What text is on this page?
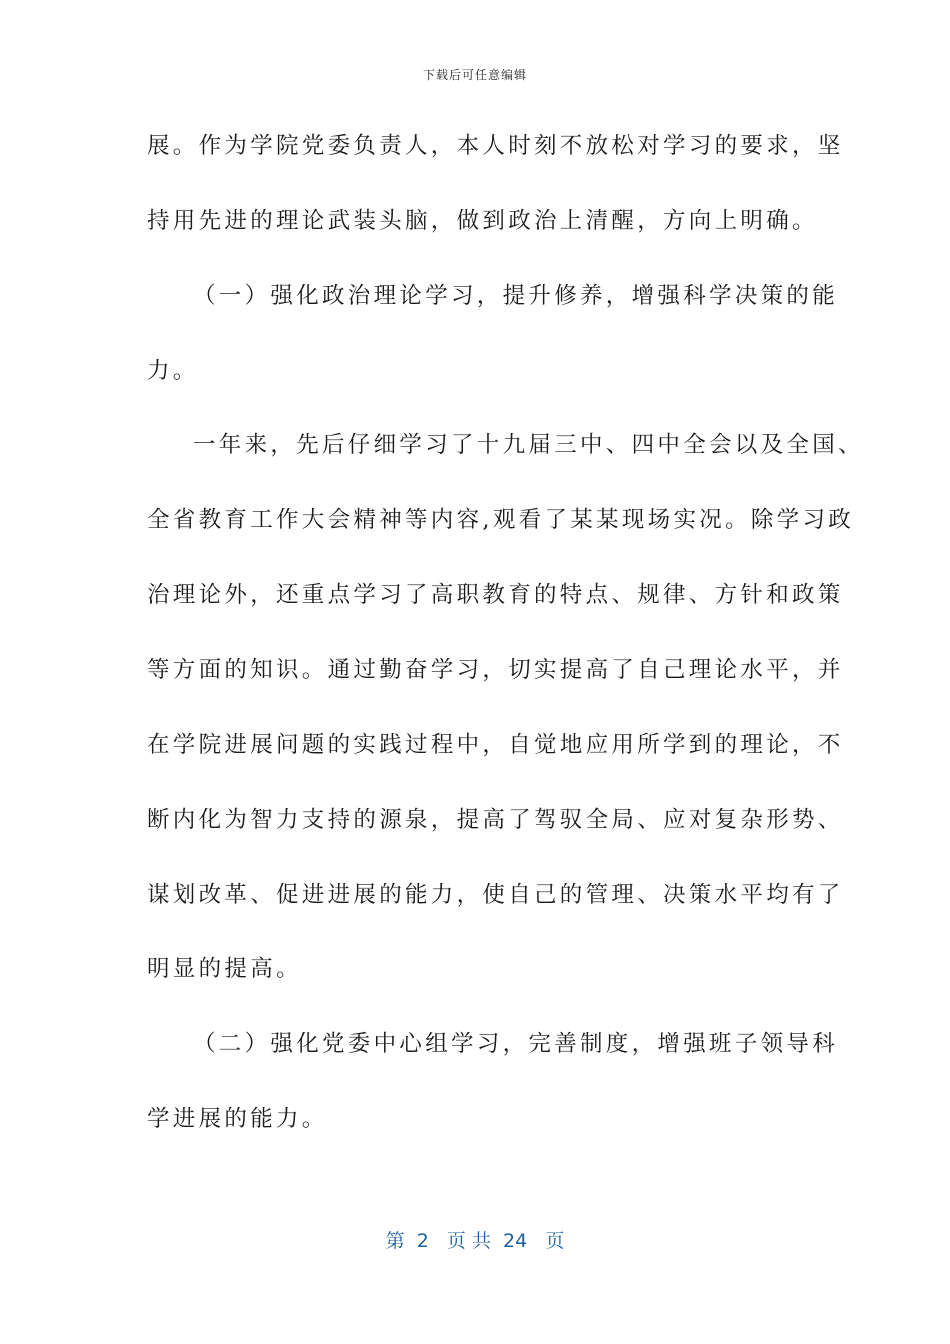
下载后可任意编辑
展。作为学院党委负责人，本人时刻不放松对学习的要求，坚
持用先进的理论武装头脑，做到政治上清醒，方向上明确。
（一）强化政治理论学习，提升修养，增强科学决策的能
力。
一年来，先后仔细学习了十九届三中、四中全会以及全国、
全省教育工作大会精神等内容,观看了某某现场实况。除学习政
治理论外，还重点学习了高职教育的特点、规律、方针和政策
等方面的知识。通过勤奋学习，切实提高了自己理论水平，并
在学院进展问题的实践过程中，自觉地应用所学到的理论，不
断内化为智力支持的源泉，提高了驾驭全局、应对复杂形势、
谋划改革、促进进展的能力，使自己的管理、决策水平均有了
明显的提高。
（二）强化党委中心组学习，完善制度，增强班子领导科
学进展的能力。
第  2   页 共  24   页
